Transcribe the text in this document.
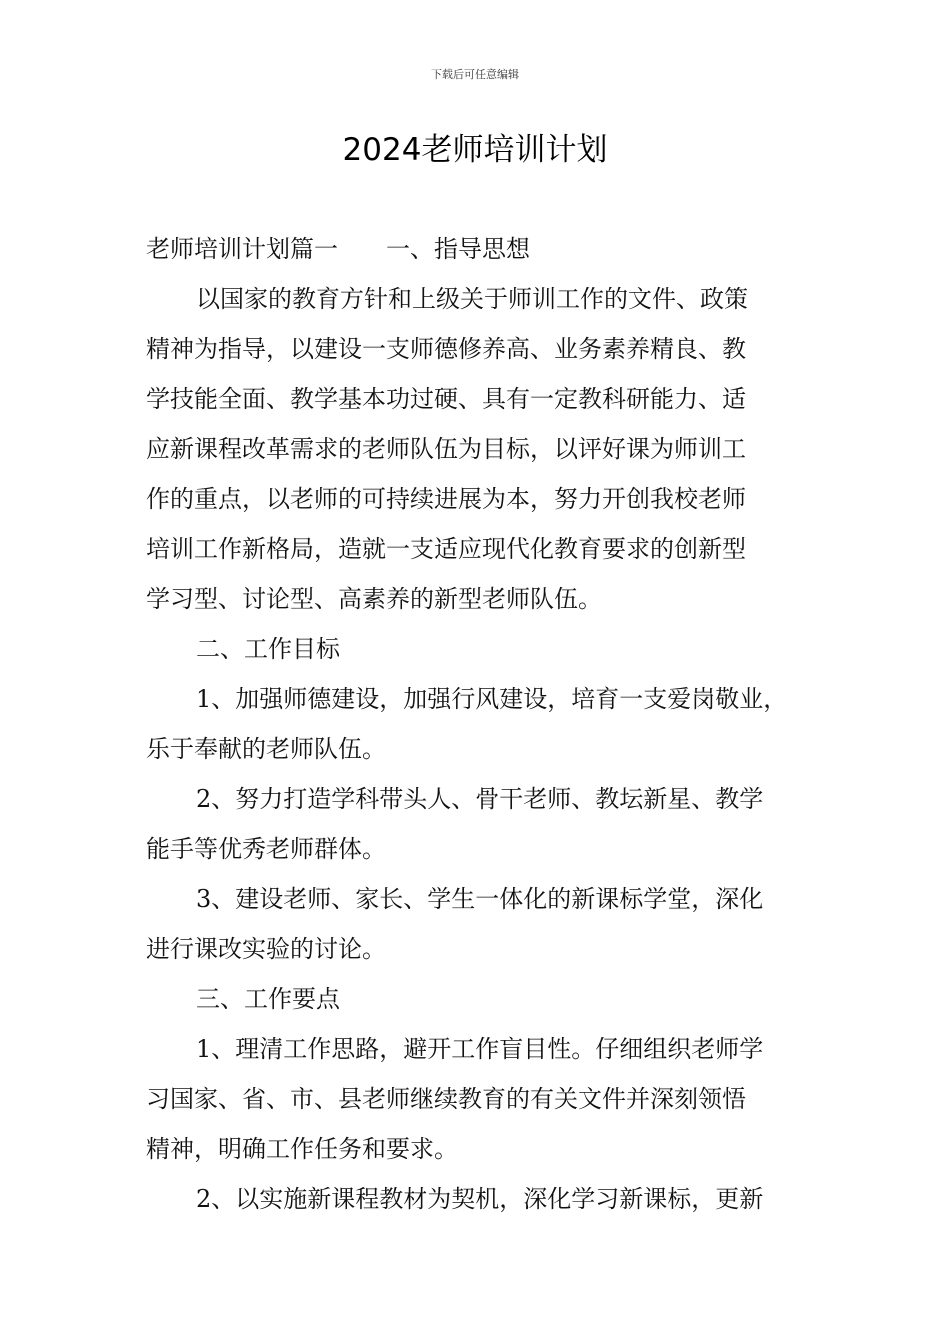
下载后可任意编辑
2024老师培训计划

老师培训计划篇一 一、指导思想

以国家的教育方针和上级关于师训工作的文件、政策
精神为指导，以建设一支师德修养高、业务素养精良、教
学技能全面、教学基本功过硬、具有一定教科研能力、适
应新课程改革需求的老师队伍为目标，以评好课为师训工
作的重点，以老师的可持续进展为本，努力开创我校老师
培训工作新格局，造就一支适应现代化教育要求的创新型
学习型、讨论型、高素养的新型老师队伍。

二、工作目标

1、加强师德建设，加强行风建设，培育一支爱岗敬业，
乐于奉献的老师队伍。

2、努力打造学科带头人、骨干老师、教坛新星、教学
能手等优秀老师群体。

3、建设老师、家长、学生一体化的新课标学堂，深化
进行课改实验的讨论。

三、工作要点

1、理清工作思路，避开工作盲目性。仔细组织老师学
习国家、省、市、县老师继续教育的有关文件并深刻领悟
精神，明确工作任务和要求。

2、以实施新课程教材为契机，深化学习新课标，更新
